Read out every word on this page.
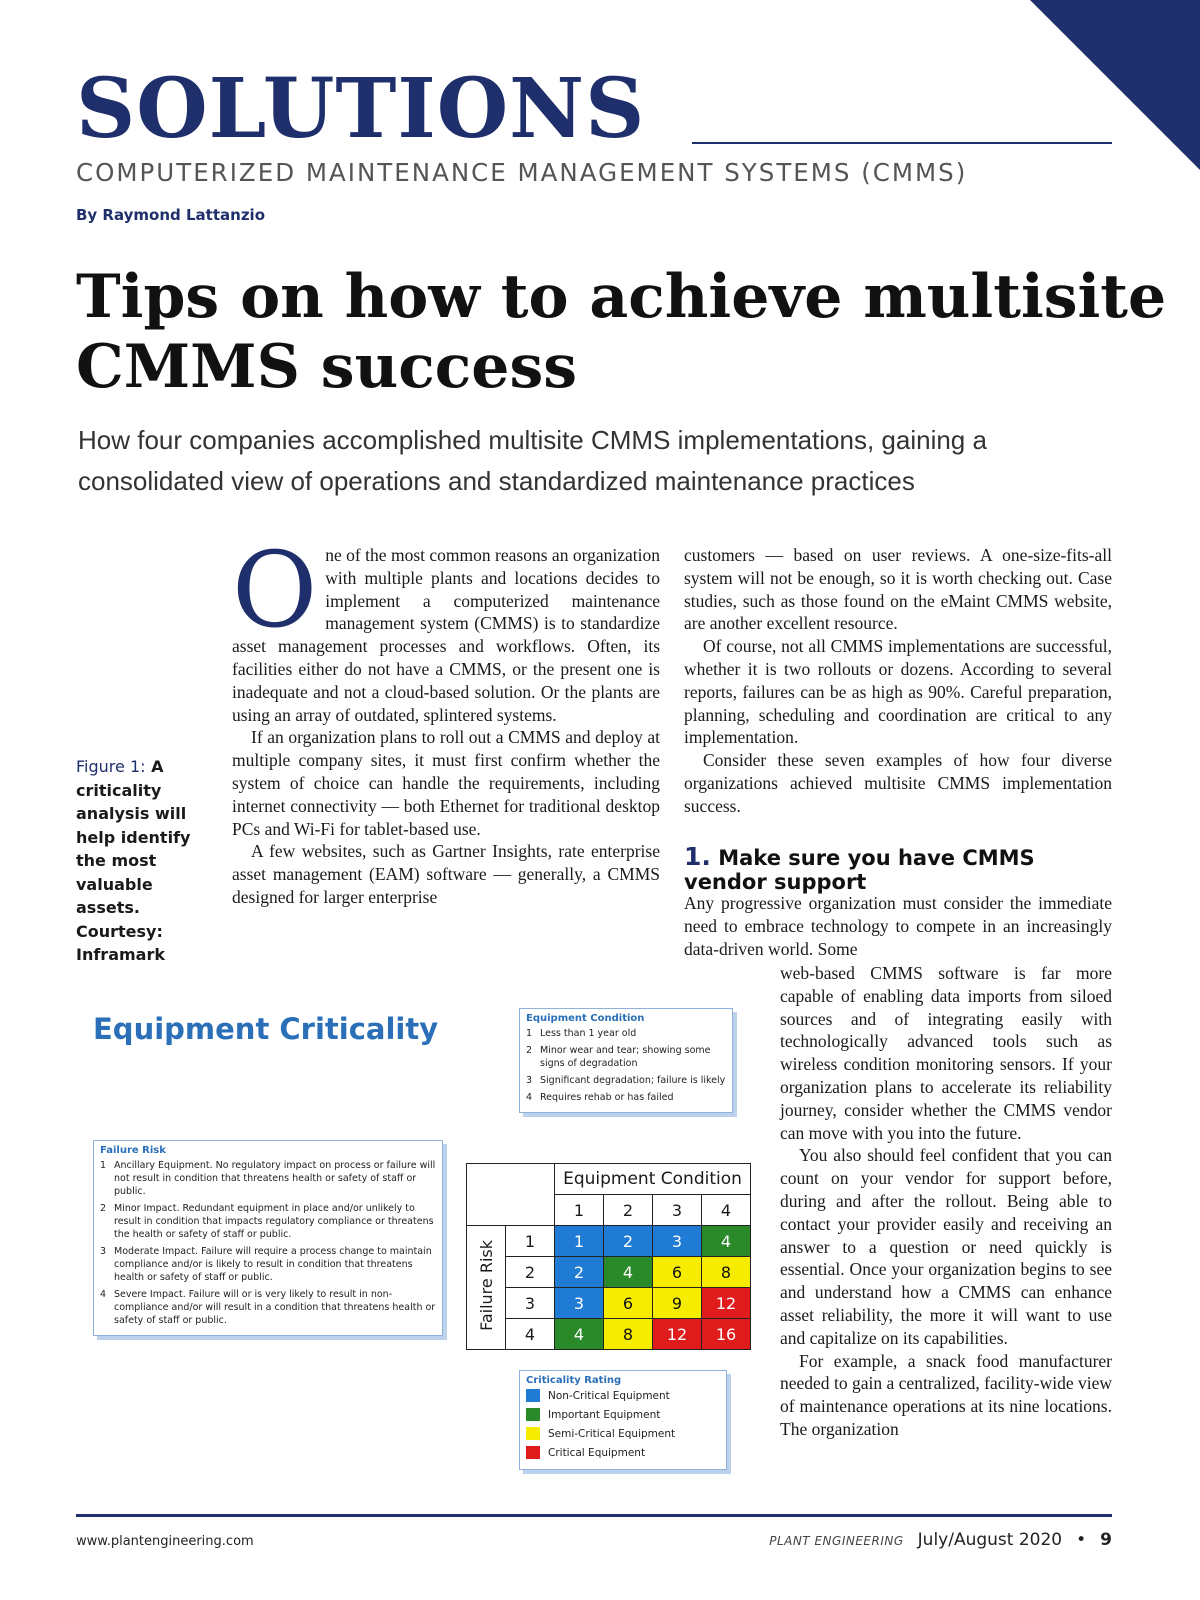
SOLUTIONS
COMPUTERIZED MAINTENANCE MANAGEMENT SYSTEMS (CMMS)
By Raymond Lattanzio
Tips on how to achieve multisite CMMS success
How four companies accomplished multisite CMMS implementations, gaining a consolidated view of operations and standardized maintenance practices
Figure 1: A criticality analysis will help identify the most valuable assets. Courtesy: Inframark
O ne of the most common reasons an organization with multiple plants and locations decides to implement a computerized maintenance management system (CMMS) is to standardize asset management processes and workflows. Often, its facilities either do not have a CMMS, or the present one is inadequate and not a cloud-based solution. Or the plants are using an array of outdated, splintered systems.

If an organization plans to roll out a CMMS and deploy at multiple company sites, it must first confirm whether the system of choice can handle the requirements, including internet connectivity — both Ethernet for traditional desktop PCs and Wi-Fi for tablet-based use.

A few websites, such as Gartner Insights, rate enterprise asset management (EAM) software — generally, a CMMS designed for larger enterprise

customers — based on user reviews. A one-size-fits-all system will not be enough, so it is worth checking out. Case studies, such as those found on the eMaint CMMS website, are another excellent resource.

Of course, not all CMMS implementations are successful, whether it is two rollouts or dozens. According to several reports, failures can be as high as 90%. Careful preparation, planning, scheduling and coordination are critical to any implementation.

Consider these seven examples of how four diverse organizations achieved multisite CMMS implementation success.

1. Make sure you have CMMS vendor support

Any progressive organization must consider the immediate need to embrace technology to compete in an increasingly data-driven world. Some

web-based CMMS software is far more capable of enabling data imports from siloed sources and of integrating easily with technologically advanced tools such as wireless condition monitoring sensors. If your organization plans to accelerate its reliability journey, consider whether the CMMS vendor can move with you into the future.

You also should feel confident that you can count on your vendor for support before, during and after the rollout. Being able to contact your provider easily and receiving an answer to a question or need quickly is essential. Once your organization begins to see and understand how a CMMS can enhance asset reliability, the more it will want to use and capitalize on its capabilities.

For example, a snack food manufacturer needed to gain a centralized, facility-wide view of maintenance operations at its nine locations. The organization

Equipment Criticality	Equipment Condition
1 Less than 1 year old
2 Minor wear and tear; showing some signs of degradation
3 Significant degradation; failure is likely
4 Requires rehab or has failed
Failure Risk
1 Ancillary Equipment. No regulatory impact on process or failure will not result in condition that threatens health or safety of staff or public.
2 Minor Impact. Redundant equipment in place and/or unlikely to result in condition that impacts regulatory compliance or threatens the health or safety of staff or public.
3 Moderate Impact. Failure will require a process change to maintain compliance and/or is likely to result in condition that threatens health or safety of staff or public.
4 Severe Impact. Failure will or is very likely to result in non-compliance and/or will result in a condition that threatens health or safety of staff or public.
		Equipment Condition			
		1	2	3	4
Failure Risk	1	1	2	3	4
	2	2	4	6	8
	3	3	6	9	12
	4	4	8	12	16
Criticality Rating
Non-Critical Equipment
Important Equipment
Semi-Critical Equipment
Critical Equipment
www.plantengineering.com	PLANT ENGINEERING July/August 2020 • 9
